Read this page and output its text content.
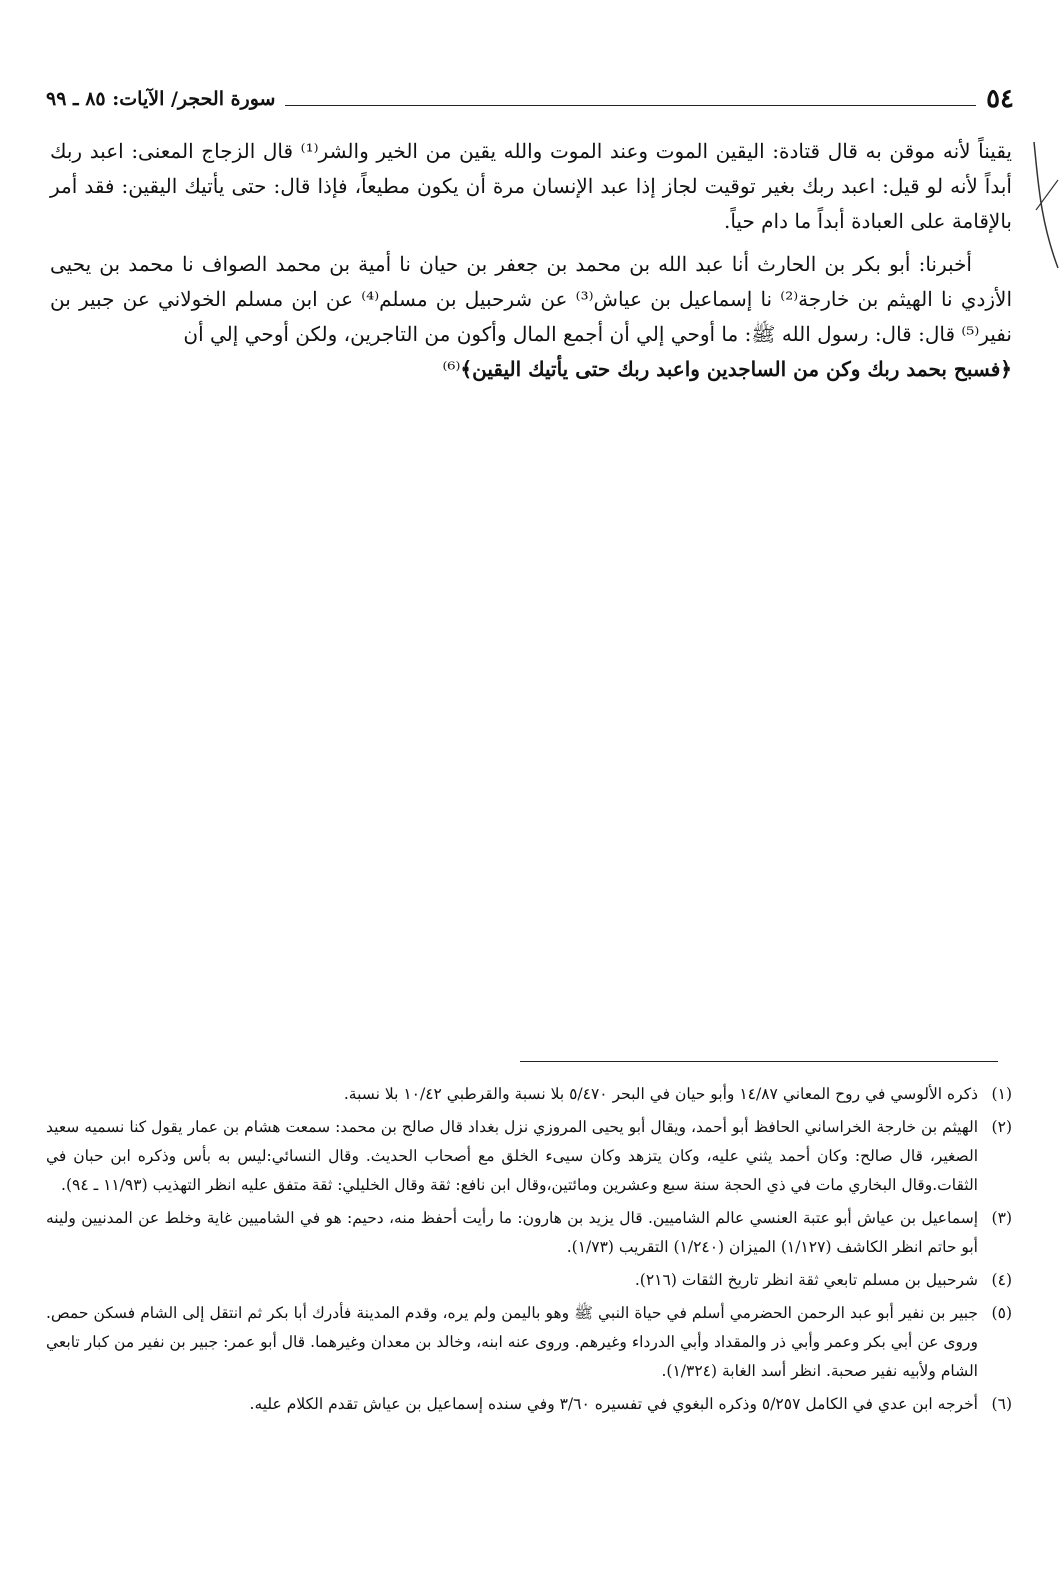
٥٤
سورة الحجر/ الآيات: ٨٥ ـ ٩٩

يقيناً لأنه موقن به قال قتادة: اليقين الموت وعند الموت والله يقين من الخير والشر⁽¹⁾ قال الزجاج المعنى: اعبد ربك أبداً لأنه لو قيل: اعبد ربك بغير توقيت لجاز إذا عبد الإنسان مرة أن يكون مطيعاً، فإذا قال: حتى يأتيك اليقين: فقد أمر بالإقامة على العبادة أبداً ما دام حياً.

أخبرنا: أبو بكر بن الحارث أنا عبد الله بن محمد بن جعفر بن حيان نا أمية بن محمد الصواف نا محمد بن يحيى الأزدي نا الهيثم بن خارجة⁽²⁾ نا إسماعيل بن عياش⁽³⁾ عن شرحبيل بن مسلم⁽⁴⁾ عن ابن مسلم الخولاني عن جبير بن نفير⁽⁵⁾ قال: قال: رسول الله ﷺ: ما أوحي إلي أن أجمع المال وأكون من التاجرين، ولكن أوحي إلي أن
﴿فسبح بحمد ربك وكن من الساجدين واعبد ربك حتى يأتيك اليقين﴾⁽⁶⁾

(١)
ذكره الألوسي في روح المعاني ١٤/٨٧ وأبو حيان في البحر ٥/٤٧٠ بلا نسبة والقرطبي ١٠/٤٢ بلا نسبة.

(٢)
الهيثم بن خارجة الخراساني الحافظ أبو أحمد، ويقال أبو يحيى المروزي نزل بغداد قال صالح بن محمد: سمعت هشام بن عمار يقول كنا نسميه سعيد الصغير، قال صالح: وكان أحمد يثني عليه، وكان يتزهد وكان سيىء الخلق مع أصحاب الحديث. وقال النسائي:ليس به بأس وذكره ابن حبان في الثقات.وقال البخاري مات في ذي الحجة سنة سبع وعشرين ومائتين،وقال ابن نافع: ثقة وقال الخليلي: ثقة متفق عليه انظر التهذيب (١١/٩٣ ـ ٩٤).

(٣)
إسماعيل بن عياش أبو عتبة العنسي عالم الشاميين. قال يزيد بن هارون: ما رأيت أحفظ منه، دحيم: هو في الشاميين غاية وخلط عن المدنيين ولينه أبو حاتم انظر الكاشف (١/١٢٧) الميزان (١/٢٤٠) التقريب (١/٧٣).

(٤)
شرحبيل بن مسلم تابعي ثقة انظر تاريخ الثقات (٢١٦).

(٥)
جبير بن نفير أبو عبد الرحمن الحضرمي أسلم في حياة النبي ﷺ وهو باليمن ولم يره، وقدم المدينة فأدرك أبا بكر ثم انتقل إلى الشام فسكن حمص. وروى عن أبي بكر وعمر وأبي ذر والمقداد وأبي الدرداء وغيرهم. وروى عنه ابنه، وخالد بن معدان وغيرهما. قال أبو عمر: جبير بن نفير من كبار تابعي الشام ولأبيه نفير صحبة. انظر أسد الغابة (١/٣٢٤).

(٦)
أخرجه ابن عدي في الكامل ٥/٢٥٧ وذكره البغوي في تفسيره ٣/٦٠ وفي سنده إسماعيل بن عياش تقدم الكلام عليه.
